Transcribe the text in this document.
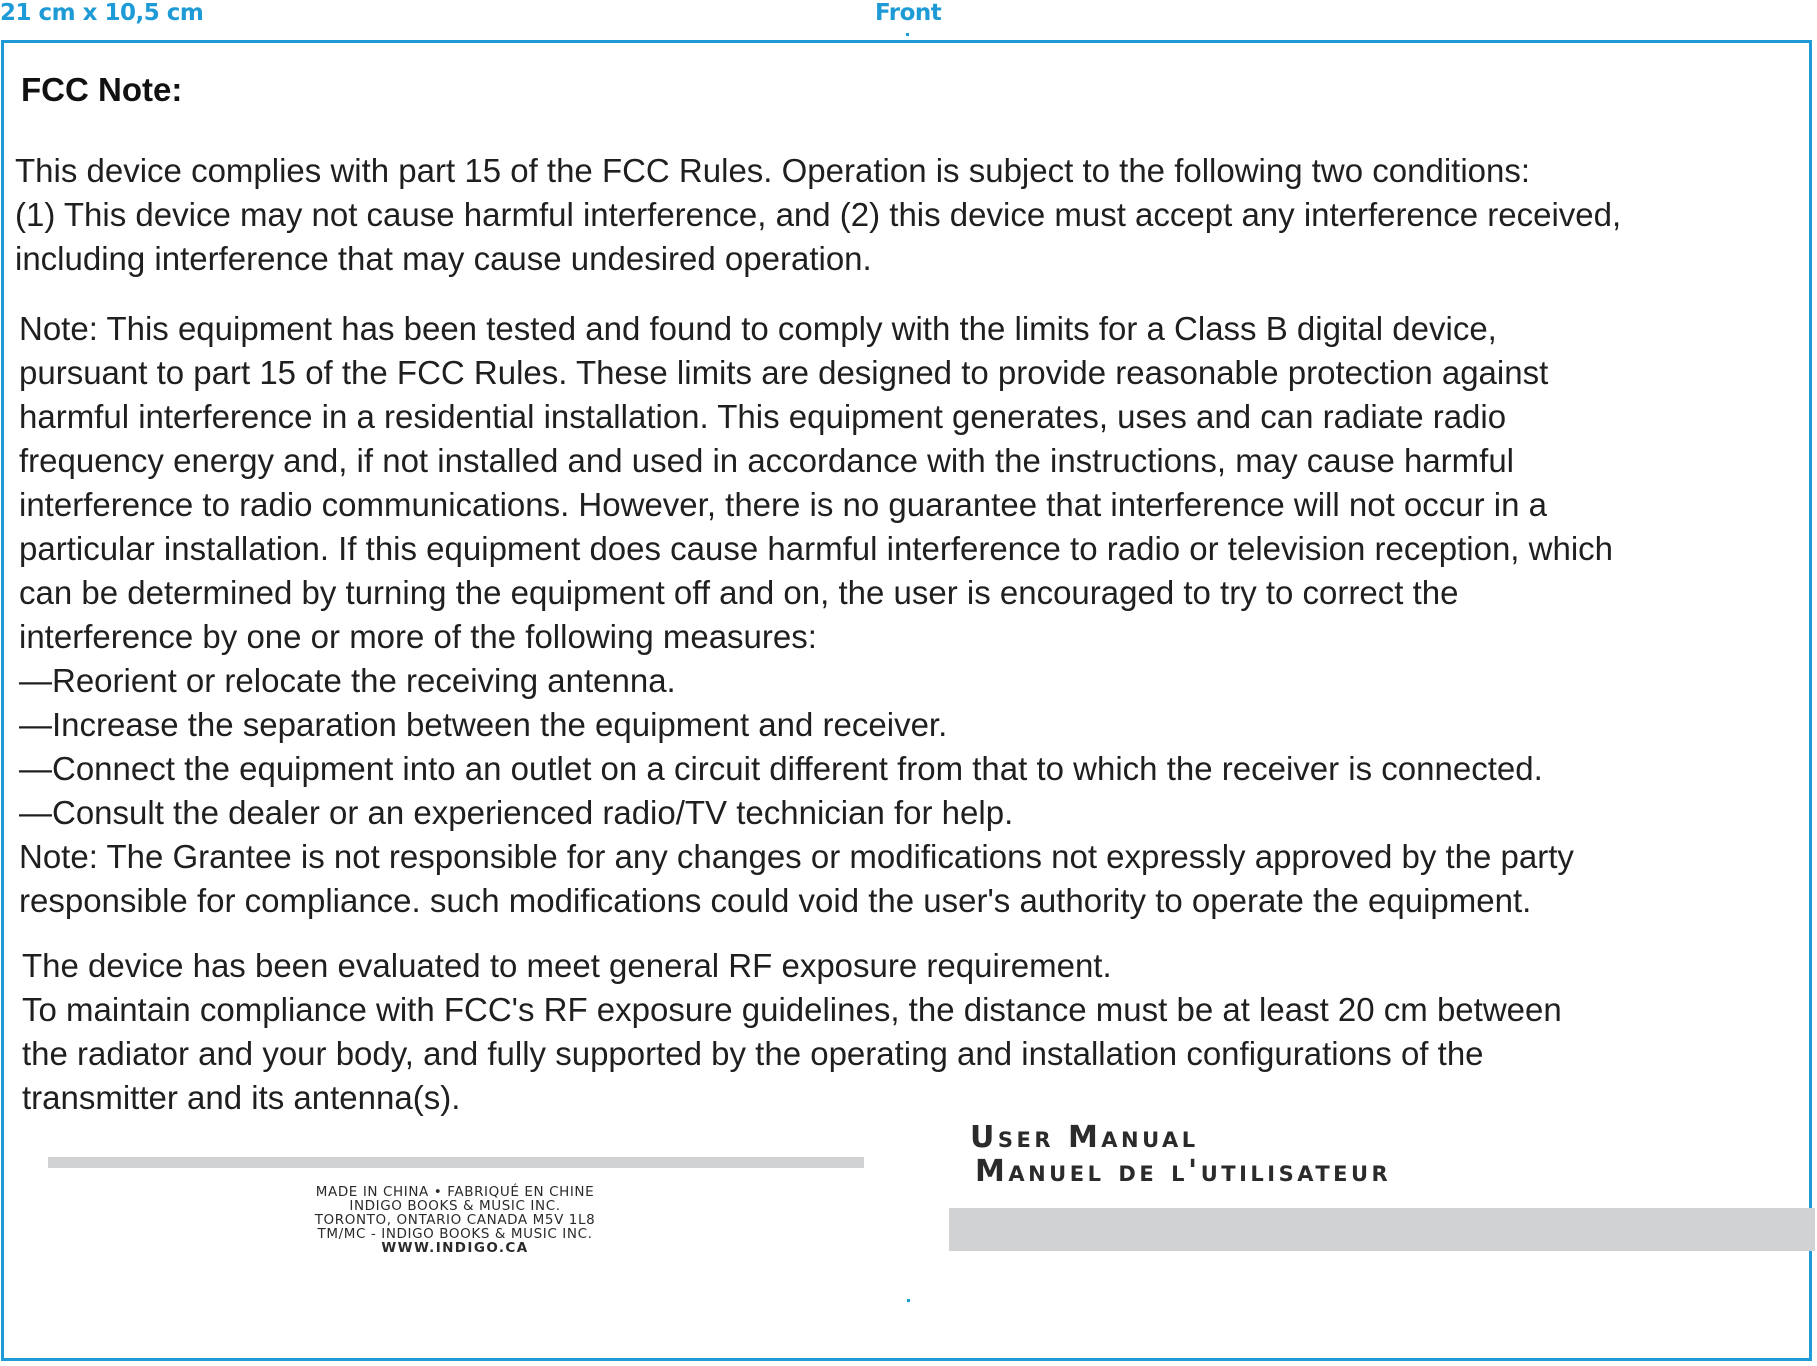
21 cm x 10,5 cm	Front
FCC Note:

This device complies with part 15 of the FCC Rules. Operation is subject to the following two conditions:
(1) This device may not cause harmful interference, and (2) this device must accept any interference received,
including interference that may cause undesired operation.

Note: This equipment has been tested and found to comply with the limits for a Class B digital device,
pursuant to part 15 of the FCC Rules. These limits are designed to provide reasonable protection against
harmful interference in a residential installation. This equipment generates, uses and can radiate radio
frequency energy and, if not installed and used in accordance with the instructions, may cause harmful
interference to radio communications. However, there is no guarantee that interference will not occur in a
particular installation. If this equipment does cause harmful interference to radio or television reception, which
can be determined by turning the equipment off and on, the user is encouraged to try to correct the
interference by one or more of the following measures:
—Reorient or relocate the receiving antenna.
—Increase the separation between the equipment and receiver.
—Connect the equipment into an outlet on a circuit different from that to which the receiver is connected.
—Consult the dealer or an experienced radio/TV technician for help.
Note: The Grantee is not responsible for any changes or modifications not expressly approved by the party
responsible for compliance. such modifications could void the user's authority to operate the equipment.

The device has been evaluated to meet general RF exposure requirement.
To maintain compliance with FCC's RF exposure guidelines, the distance must be at least 20 cm between
the radiator and your body, and fully supported by the operating and installation configurations of the
transmitter and its antenna(s).

User Manual
Manuel de l'utilisateur
MADE IN CHINA • FABRIQUÉ EN CHINE
INDIGO BOOKS & MUSIC INC.
TORONTO, ONTARIO CANADA M5V 1L8
TM/MC - INDIGO BOOKS & MUSIC INC.
WWW.INDIGO.CA
